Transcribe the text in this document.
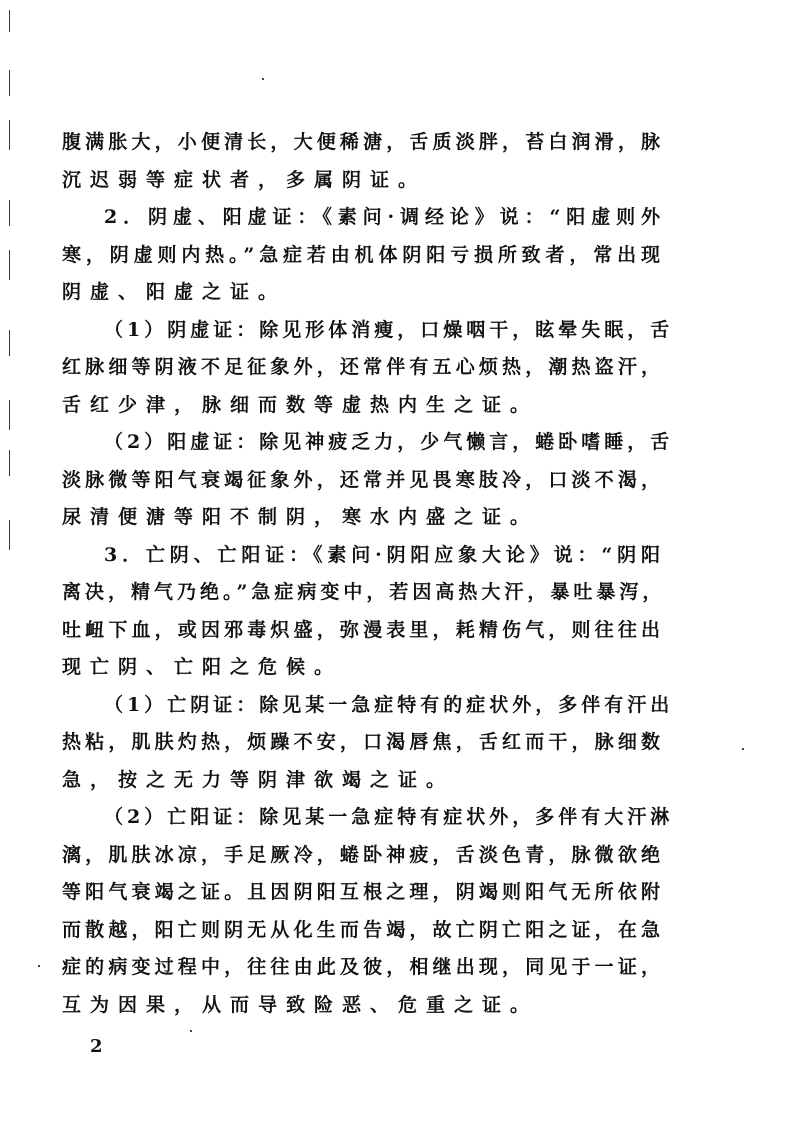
腹满胀大，小便清长，大便稀溏，舌质淡胖，苔白润滑，脉
沉迟弱等症状者，多属阴证。
2．阴虚、阳虚证：《素问·调经论》说：“阳虚则外
寒，阴虚则内热。”急症若由机体阴阳亏损所致者，常出现
阴虚、阳虚之证。
（1）阴虚证：除见形体消瘦，口燥咽干，眩晕失眠，舌
红脉细等阴液不足征象外，还常伴有五心烦热，潮热盗汗，
舌红少津，脉细而数等虚热内生之证。
（2）阳虚证：除见神疲乏力，少气懒言，蜷卧嗜睡，舌
淡脉微等阳气衰竭征象外，还常并见畏寒肢冷，口淡不渴，
尿清便溏等阳不制阴，寒水内盛之证。
3．亡阴、亡阳证：《素问·阴阳应象大论》说：“阴阳
离决，精气乃绝。”急症病变中，若因高热大汗，暴吐暴泻，
吐衄下血，或因邪毒炽盛，弥漫表里，耗精伤气，则往往出
现亡阴、亡阳之危候。
（1）亡阴证：除见某一急症特有的症状外，多伴有汗出
热粘，肌肤灼热，烦躁不安，口渴唇焦，舌红而干，脉细数
急，按之无力等阴津欲竭之证。
（2）亡阳证：除见某一急症特有症状外，多伴有大汗淋
漓，肌肤冰凉，手足厥冷，蜷卧神疲，舌淡色青，脉微欲绝
等阳气衰竭之证。且因阴阳互根之理，阴竭则阳气无所依附
而散越，阳亡则阴无从化生而告竭，故亡阴亡阳之证，在急
症的病变过程中，往往由此及彼，相继出现，同见于一证，
互为因果，从而导致险恶、危重之证。
2
